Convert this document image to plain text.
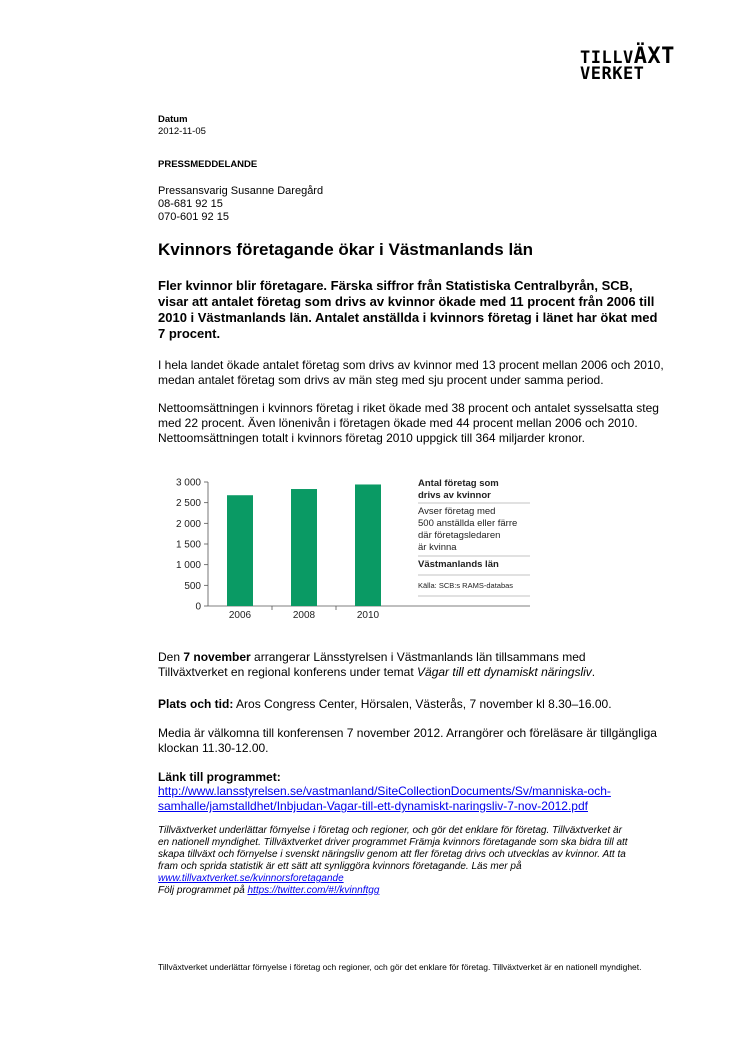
TILLVÄXT
VERKET
Datum
2012-11-05
PRESSMEDDELANDE
Pressansvarig Susanne Daregård
08-681 92 15
070-601 92 15
Kvinnors företagande ökar i Västmanlands län
Fler kvinnor blir företagare. Färska siffror från Statistiska Centralbyrån, SCB, visar att antalet företag som drivs av kvinnor ökade med 11 procent från 2006 till 2010 i Västmanlands län. Antalet anställda i kvinnors företag i länet har ökat med 7 procent.
I hela landet ökade antalet företag som drivs av kvinnor med 13 procent mellan 2006 och 2010, medan antalet företag som drivs av män steg med sju procent under samma period.
Nettoomsättningen i kvinnors företag i riket ökade med 38 procent och antalet sysselsatta steg med 22 procent. Även lönenivån i företagen ökade med 44 procent mellan 2006 och 2010. Nettoomsättningen totalt i kvinnors företag 2010 uppgick till 364 miljarder kronor.
0
500
1 000
1 500
2 000
2 500
3 000
2006	2008	2010
Antal företag som
drivs av kvinnor
Avser företag med
500 anställda eller färre
där företagsledaren
är kvinna
Västmanlands län
Källa: SCB:s RAMS-databas
Den 7 november arrangerar Länsstyrelsen i Västmanlands län tillsammans med Tillväxtverket en regional konferens under temat Vägar till ett dynamiskt näringsliv.
Plats och tid: Aros Congress Center, Hörsalen, Västerås, 7 november kl 8.30–16.00.
Media är välkomna till konferensen 7 november 2012. Arrangörer och föreläsare är tillgängliga klockan 11.30-12.00.
Länk till programmet:
http://www.lansstyrelsen.se/vastmanland/SiteCollectionDocuments/Sv/manniska-och-
samhalle/jamstalldhet/Inbjudan-Vagar-till-ett-dynamiskt-naringsliv-7-nov-2012.pdf
Tillväxtverket underlättar förnyelse i företag och regioner, och gör det enklare för företag. Tillväxtverket är en nationell myndighet. Tillväxtverket driver programmet Främja kvinnors företagande som ska bidra till att skapa tillväxt och förnyelse i svenskt näringsliv genom att fler företag drivs och utvecklas av kvinnor. Att ta fram och sprida statistik är ett sätt att synliggöra kvinnors företagande. Läs mer på www.tillvaxtverket.se/kvinnorsforetagande
Följ programmet på https://twitter.com/#!/kvinnftgg
Tillväxtverket underlättar förnyelse i företag och regioner, och gör det enklare för företag. Tillväxtverket är en nationell myndighet.
